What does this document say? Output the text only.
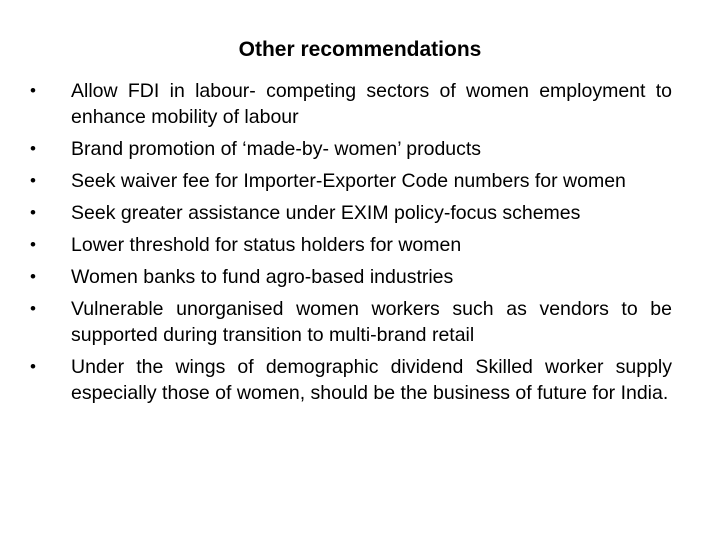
Other recommendations
•	Allow FDI in labour- competing sectors of women employment to enhance mobility of labour
•	Brand promotion of ‘made-by- women’ products
•	Seek waiver fee for Importer-Exporter Code numbers for women
•	Seek greater assistance under EXIM policy-focus schemes
•	Lower threshold for status holders for women
•	Women banks to fund agro-based industries
•	Vulnerable unorganised women workers such as vendors to be supported during transition to multi-brand retail
•	Under the wings of demographic dividend Skilled worker supply especially those of women, should be the business of future for India.
